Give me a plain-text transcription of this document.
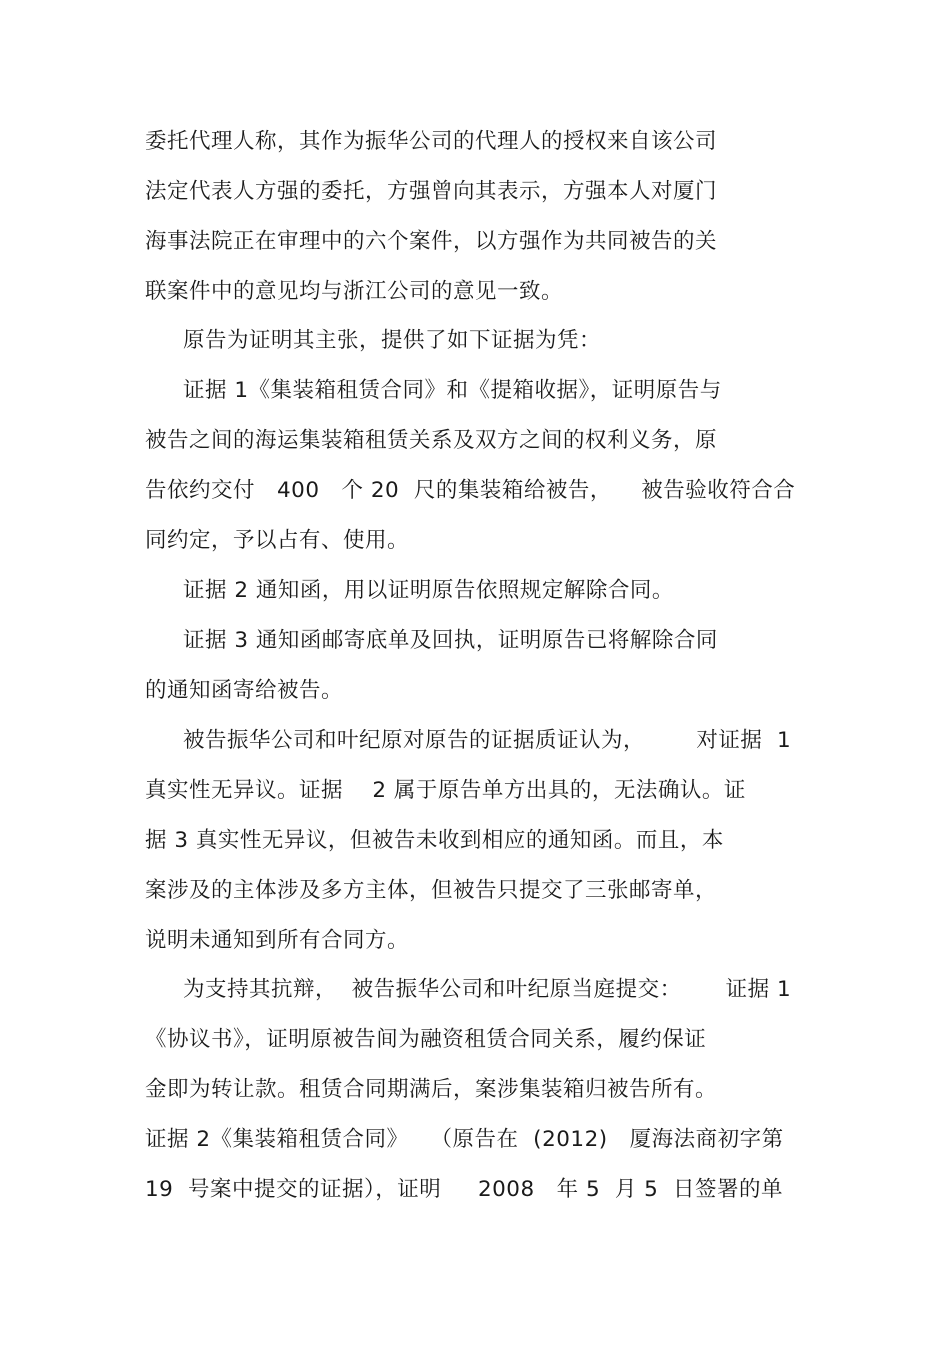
委托代理人称，其作为振华公司的代理人的授权来自该公司
法定代表人方强的委托，方强曾向其表示，方强本人对厦门
海事法院正在审理中的六个案件，以方强作为共同被告的关
联案件中的意见均与浙江公司的意见一致。
原告为证明其主张，提供了如下证据为凭：
证据 1《集装箱租赁合同》和《提箱收据》，证明原告与
被告之间的海运集装箱租赁关系及双方之间的权利义务，原
告依约交付   400   个 20  尺的集装箱给被告，    被告验收符合合
同约定，予以占有、使用。
证据 2 通知函，用以证明原告依照规定解除合同。
证据 3 通知函邮寄底单及回执，证明原告已将解除合同
的通知函寄给被告。
被告振华公司和叶纪原对原告的证据质证认为，       对证据  1
真实性无异议。证据    2 属于原告单方出具的，无法确认。证
据 3 真实性无异议，但被告未收到相应的通知函。而且，本
案涉及的主体涉及多方主体，但被告只提交了三张邮寄单，
说明未通知到所有合同方。
为支持其抗辩，  被告振华公司和叶纪原当庭提交：      证据 1
《协议书》，证明原被告间为融资租赁合同关系，履约保证
金即为转让款。租赁合同期满后，案涉集装箱归被告所有。
证据 2《集装箱租赁合同》   （原告在  (2012)   厦海法商初字第
19  号案中提交的证据），证明     2008   年 5  月 5  日签署的单
